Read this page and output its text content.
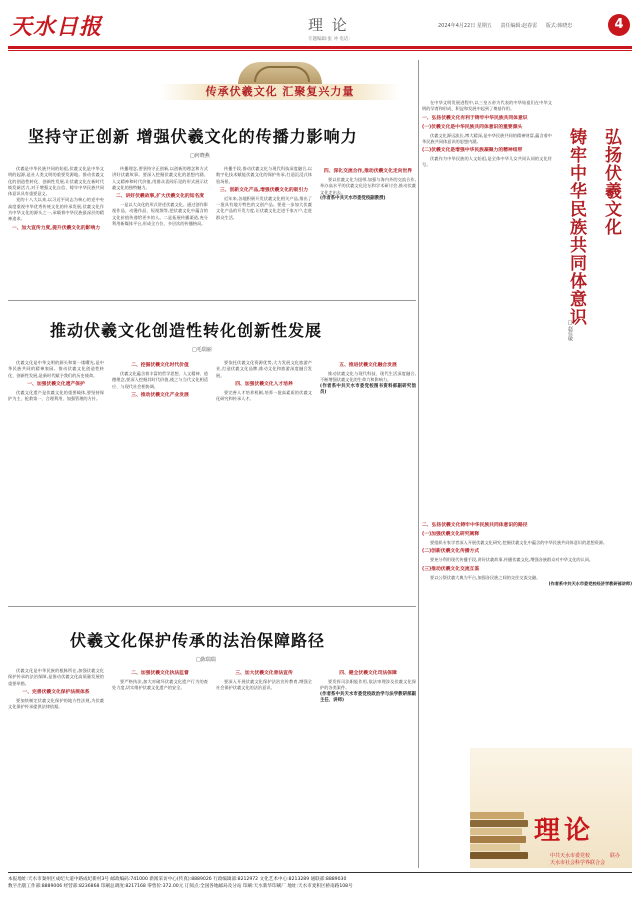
天水日报	理 论
专题编辑:张 冲 电话:
2024年4月22日 星期五 责任编辑:赵春雷 版式:韩晓忠	4
传承伏羲文化 汇聚复兴力量
坚持守正创新 增强伏羲文化的传播力影响力
□何晓燕

伏羲是中华民族共同的始祖,伏羲文化是中华文明的起源,是社人类文明的重要发源地。推动伏羲文化的创造性转化、创新性发展,让伏羲文化在新时代焕发新活力,对于增强文化自信、铸牢中华民族共同体意识具有重要意义。

党的十八大以来,以习近平同志为核心的党中央高度重视中华优秀传统文化的传承发展,伏羲文化作为中华文化的源头之一,承载着中华民族最深层的精神追求。

一、加大宣传力度,提升伏羲文化的影响力

传播理念,要坚持守正创新,以创新的理念和方式讲好伏羲故事。要深入挖掘伏羲文化的思想内涵、人文精神和时代价值,用群众喜闻乐见的形式展示伏羲文化的独特魅力。

二、讲好伏羲故事,扩大伏羲文化的知名度

一是以大众化的形式讲述伏羲文化。通过创作影视作品、动漫作品、短视频等,把伏羲文化中蕴含的文化价值传递给更多的人。二是拓展传播渠道,充分利用新媒体平台,形成全方位、多层次的传播格局。

传播手段,推动伏羲文化与现代科技深度融合,以数字化技术赋能伏羲文化的保护传承,打造沉浸式体验场景。

三、创新文化产品,增强伏羲文化的吸引力

近年来,各地积极开发伏羲文化相关产品,推出了一批具有地方特色的文创产品。要进一步加大伏羲文化产品的开发力度,让伏羲文化走进千家万户,走进群众生活。

四、深化交流合作,推动伏羲文化走向世界

要以伏羲文化为纽带,加强与海内外的交流合作,举办高水平的伏羲文化论坛和学术研讨会,推动伏羲文化走出去。

(作者系中共天水市委党校副教授)

推动伏羲文化创造性转化创新性发展
□毛瑞丽

伏羲文化是中华文明的源头和第一缕曙光,是中华民族共同的精神家园。推动伏羲文化创造性转化、创新性发展,是新时代赋予我们的历史使命。

一、加强伏羲文化遗产保护

伏羲文化遗产是伏羲文化的重要载体,要坚持保护为主、抢救第一、合理利用、加强管理的方针。

二、挖掘伏羲文化时代价值

伏羲文化蕴含着丰富的哲学思想、人文精神、道德理念,要深入挖掘其时代价值,使之与当代文化相适应、与现代社会相协调。

三、推动伏羲文化产业发展

要依托伏羲文化资源优势,大力发展文化旅游产业,打造伏羲文化品牌,推动文化和旅游深度融合发展。

四、加强伏羲文化人才培养

要完善人才培养机制,培养一批高素质的伏羲文化研究和传承人才。

五、推进伏羲文化融合发展

推动伏羲文化与现代科技、现代生活深度融合,不断增强伏羲文化的生命力和影响力。

(作者系中共天水市委党校图书资料部副研究馆员)

伏羲文化保护传承的法治保障路径
□陈瑞瑞

伏羲文化是中华民族的根脉所在,加强伏羲文化保护传承的法治保障,是推动伏羲文化高质量发展的重要举措。

一、完善伏羲文化保护法规体系

要加快制定伏羲文化保护的地方性法规,为伏羲文化保护传承提供法律依据。

二、加强伏羲文化执法监督

要严格执法,加大对破坏伏羲文化遗产行为的查处力度,切实维护伏羲文化遗产的安全。

三、加大伏羲文化普法宣传

要深入开展伏羲文化保护法治宣传教育,增强全社会保护伏羲文化的法治意识。

四、健全伏羲文化司法保障

要发挥司法职能作用,依法审理涉及伏羲文化保护的各类案件。

(作者系中共天水市委党校政治学与法学教研部副主任、讲师)

弘扬伏羲文化
铸牢中华民族共同体意识
□赵佳敏

在中华文明发展进程中,以三皇五帝为代表的中华始祖们在中华文明的孕育和形成、积淀和发展中起到了奠基作用。

一、弘扬伏羲文化有利于铸牢中华民族共同体意识
(一)伏羲文化是中华民族共同体意识的重要源头

伏羲文化源远流长,博大精深,是中华民族共同的精神财富,蕴含着中华民族共同体意识的思想内涵。

(二)伏羲文化是增强中华民族凝聚力的精神纽带

伏羲作为中华民族的人文始祖,是全体中华儿女共同认同的文化符号。

二、弘扬伏羲文化铸牢中华民族共同体意识的路径
(一)加强伏羲文化研究阐释

要组织专家学者深入开展伏羲文化研究,挖掘伏羲文化中蕴含的中华民族共同体意识的思想资源。

(二)创新伏羲文化传播方式

要充分利用现代传播手段,讲好伏羲故事,传播伏羲文化,增强各族群众对中华文化的认同。

(三)推动伏羲文化交流互鉴

要以公祭伏羲大典为平台,加强各民族之间的交往交流交融。

(作者系中共天水市委党校经济学教研部讲师)

理论
中共天水市委党校
天水市社会科学界联合会
联办
本报地址:天水市秦州区成纪大道中路成纪新村3号 邮政编码:741000 新闻采访中心(传真):8889026 行政编辑部:8212972 文化艺术中心:8213289 通联部:8889030
数字出版工作部:8889006 经营部:8236868 印刷总调度:8217168 零售价:372.00元 订阅点:全国各地邮局及分站 印刷:天水新华印刷厂 地址:天水市麦积区桥南路108号
